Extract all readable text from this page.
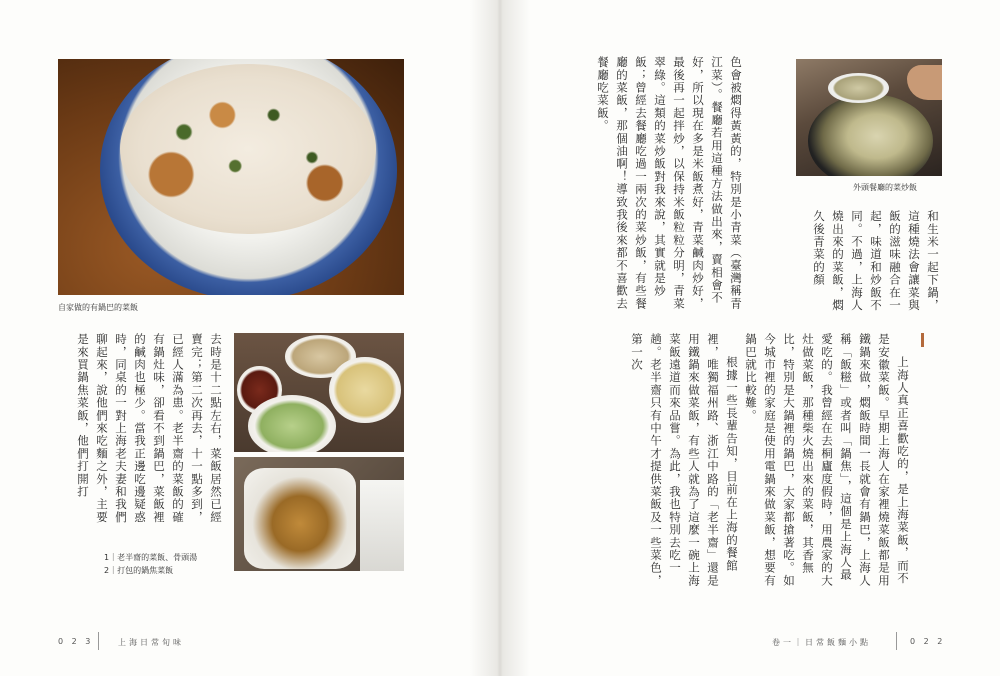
自家做的有鍋巴的菜飯
1｜老半齋的菜飯、骨頭湯
2｜打包的鍋焦菜飯

去時是十二點左右，菜飯居然已經賣完；第二次再去，十一點多到，已經人滿為患。老半齋的菜飯的確有鍋灶味，卻看不到鍋巴，菜飯裡的鹹肉也極少。當我正邊吃邊疑惑時，同桌的一對上海老夫妻和我們聊起來，說他們來吃麵之外，主要是來買鍋焦菜飯，他們打開打

0 2 3	上海日常旬味

色會被燜得黃黃的，特別是小青菜（臺灣稱青江菜）。餐廳若用這種方法做出來，賣相會不好，所以現在多是米飯煮好，青菜鹹肉炒好，最後再一起拌炒，以保持米飯粒粒分明，青菜翠綠。這類的菜炒飯對我來說，其實就是炒飯；曾經去餐廳吃過一兩次的菜炒飯，有些餐廳的菜飯，那個油啊！導致我後來都不喜歡去餐廳吃菜飯。

外頭餐廳的菜炒飯

和生米一起下鍋，這種燒法會讓菜與飯的滋味融合在一起，味道和炒飯不同。不過，上海人燒出來的菜飯，燜久後青菜的顏

上海人真正喜歡吃的，是上海菜飯，而不是安徽菜飯。早期上海人在家裡燒菜飯都是用鐵鍋來做，燜飯時間一長就會有鍋巴，上海人稱「飯糍」或者叫「鍋焦」，這個是上海人最愛吃的。我曾經在去桐廬度假時，用農家的大灶做菜飯，那種柴火燒出來的菜飯，其香無比，特別是大鍋裡的鍋巴，大家都搶著吃。如今城市裡的家庭是使用電鍋來做菜飯，想要有鍋巴就比較難。

根據一些長輩告知，目前在上海的餐館裡，唯獨福州路、浙江中路的「老半齋」還是用鐵鍋來做菜飯，有些人就為了這麼一碗上海菜飯遠道而來品嘗。為此，我也特別去吃一趟。老半齋只有中午才提供菜飯及一些菜色，第一次

卷一｜日常飯麵小點	0 2 2
